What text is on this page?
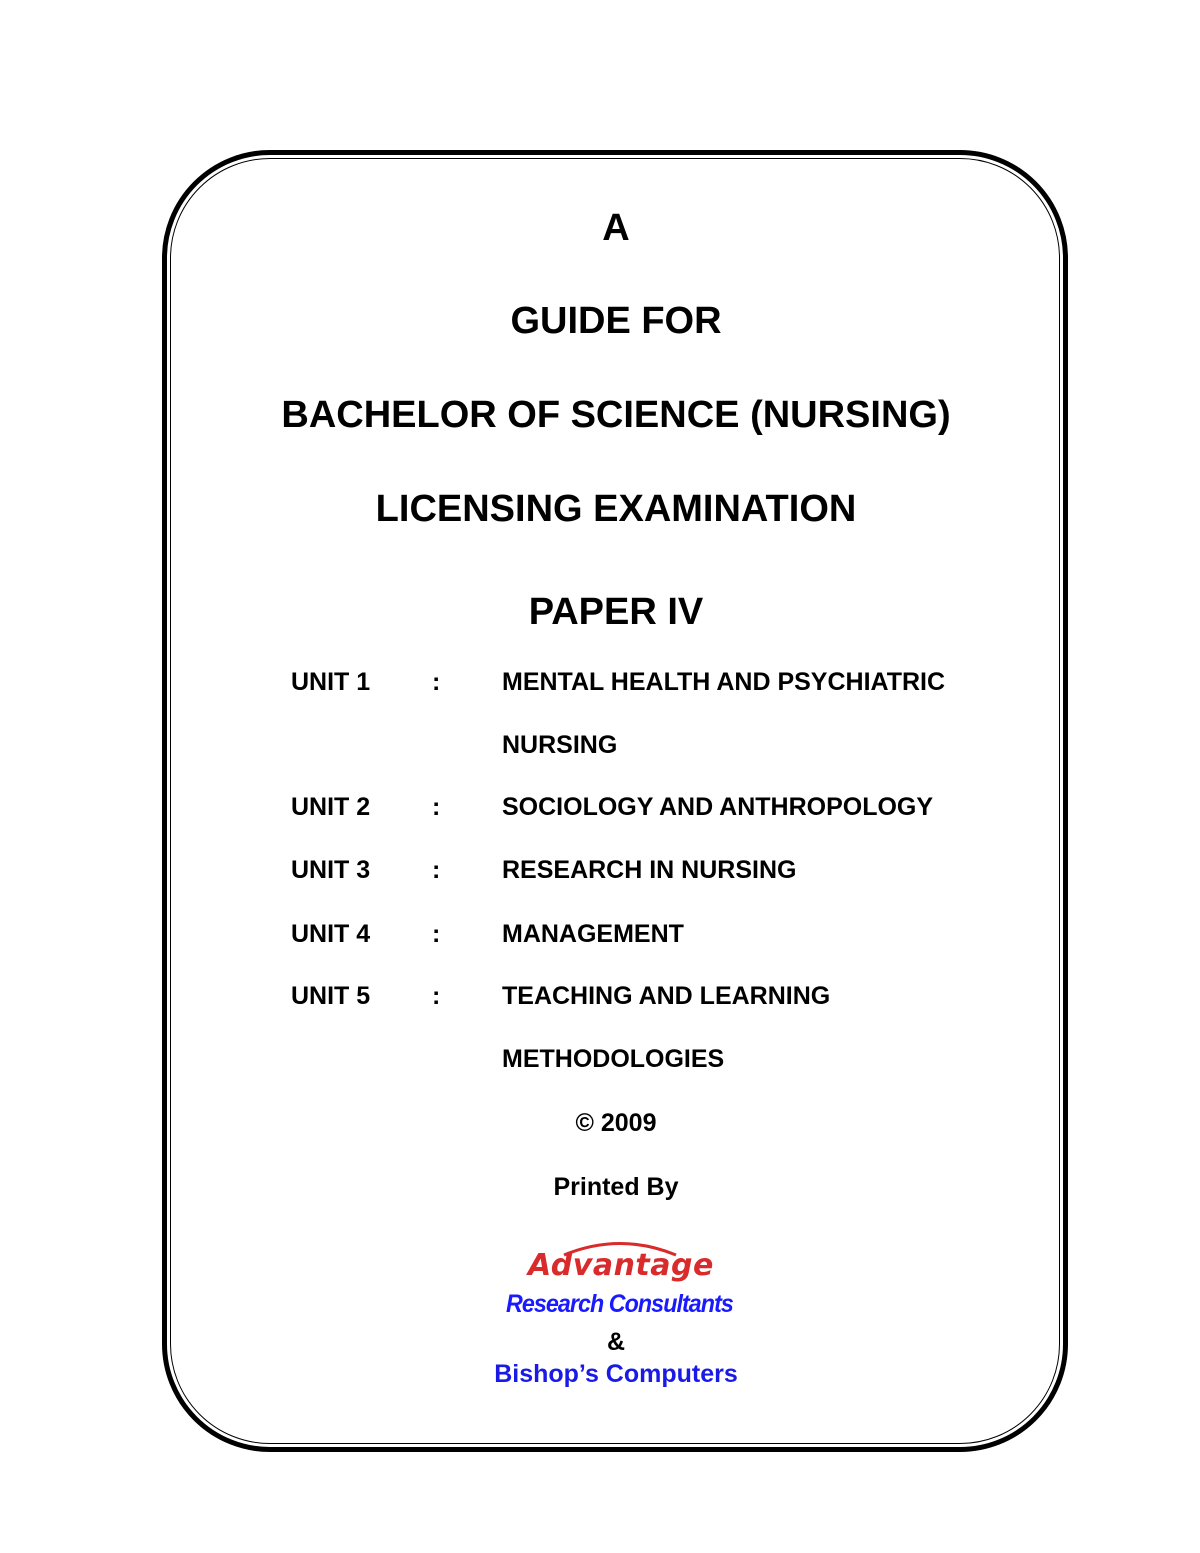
A
GUIDE FOR
BACHELOR OF SCIENCE (NURSING)
LICENSING EXAMINATION
PAPER IV
UNIT 1 : MENTAL HEALTH AND PSYCHIATRIC
NURSING
UNIT 2 : SOCIOLOGY AND ANTHROPOLOGY
UNIT 3 : RESEARCH IN NURSING
UNIT 4 : MANAGEMENT
UNIT 5 : TEACHING AND LEARNING
METHODOLOGIES
© 2009
Printed By
Advantage
Research Consultants
&
Bishop’s Computers
